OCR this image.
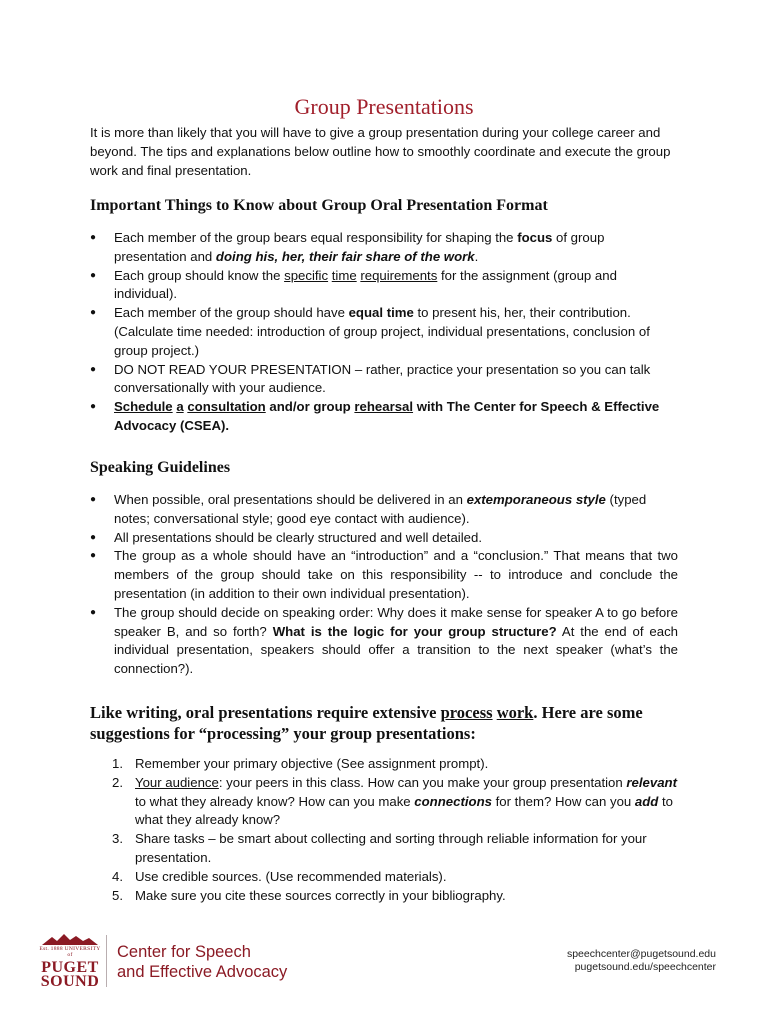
Group Presentations

It is more than likely that you will have to give a group presentation during your college career and beyond. The tips and explanations below outline how to smoothly coordinate and execute the group work and final presentation.

Important Things to Know about Group Oral Presentation Format
● Each member of the group bears equal responsibility for shaping the focus of group presentation and doing his, her, their fair share of the work.
● Each group should know the specific time requirements for the assignment (group and individual).
● Each member of the group should have equal time to present his, her, their contribution. (Calculate time needed: introduction of group project, individual presentations, conclusion of group project.)
● DO NOT READ YOUR PRESENTATION – rather, practice your presentation so you can talk conversationally with your audience.
● Schedule a consultation and/or group rehearsal with The Center for Speech & Effective Advocacy (CSEA).
Speaking Guidelines
● When possible, oral presentations should be delivered in an extemporaneous style (typed notes; conversational style; good eye contact with audience).
● All presentations should be clearly structured and well detailed.
● The group as a whole should have an “introduction” and a “conclusion.” That means that two members of the group should take on this responsibility -- to introduce and conclude the presentation (in addition to their own individual presentation).
● The group should decide on speaking order: Why does it make sense for speaker A to go before speaker B, and so forth? What is the logic for your group structure? At the end of each individual presentation, speakers should offer a transition to the next speaker (what’s the connection?).
Like writing, oral presentations require extensive process work. Here are some suggestions for “processing” your group presentations:
1. Remember your primary objective (See assignment prompt).
2. Your audience: your peers in this class. How can you make your group presentation relevant to what they already know? How can you make connections for them? How can you add to what they already know?
3. Share tasks – be smart about collecting and sorting through reliable information for your presentation.
4. Use credible sources. (Use recommended materials).
5. Make sure you cite these sources correctly in your bibliography.
Est. 1888 UNIVERSITY of
PUGET
SOUND
Center for Speech
and Effective Advocacy
speechcenter@pugetsound.edu
pugetsound.edu/speechcenter
